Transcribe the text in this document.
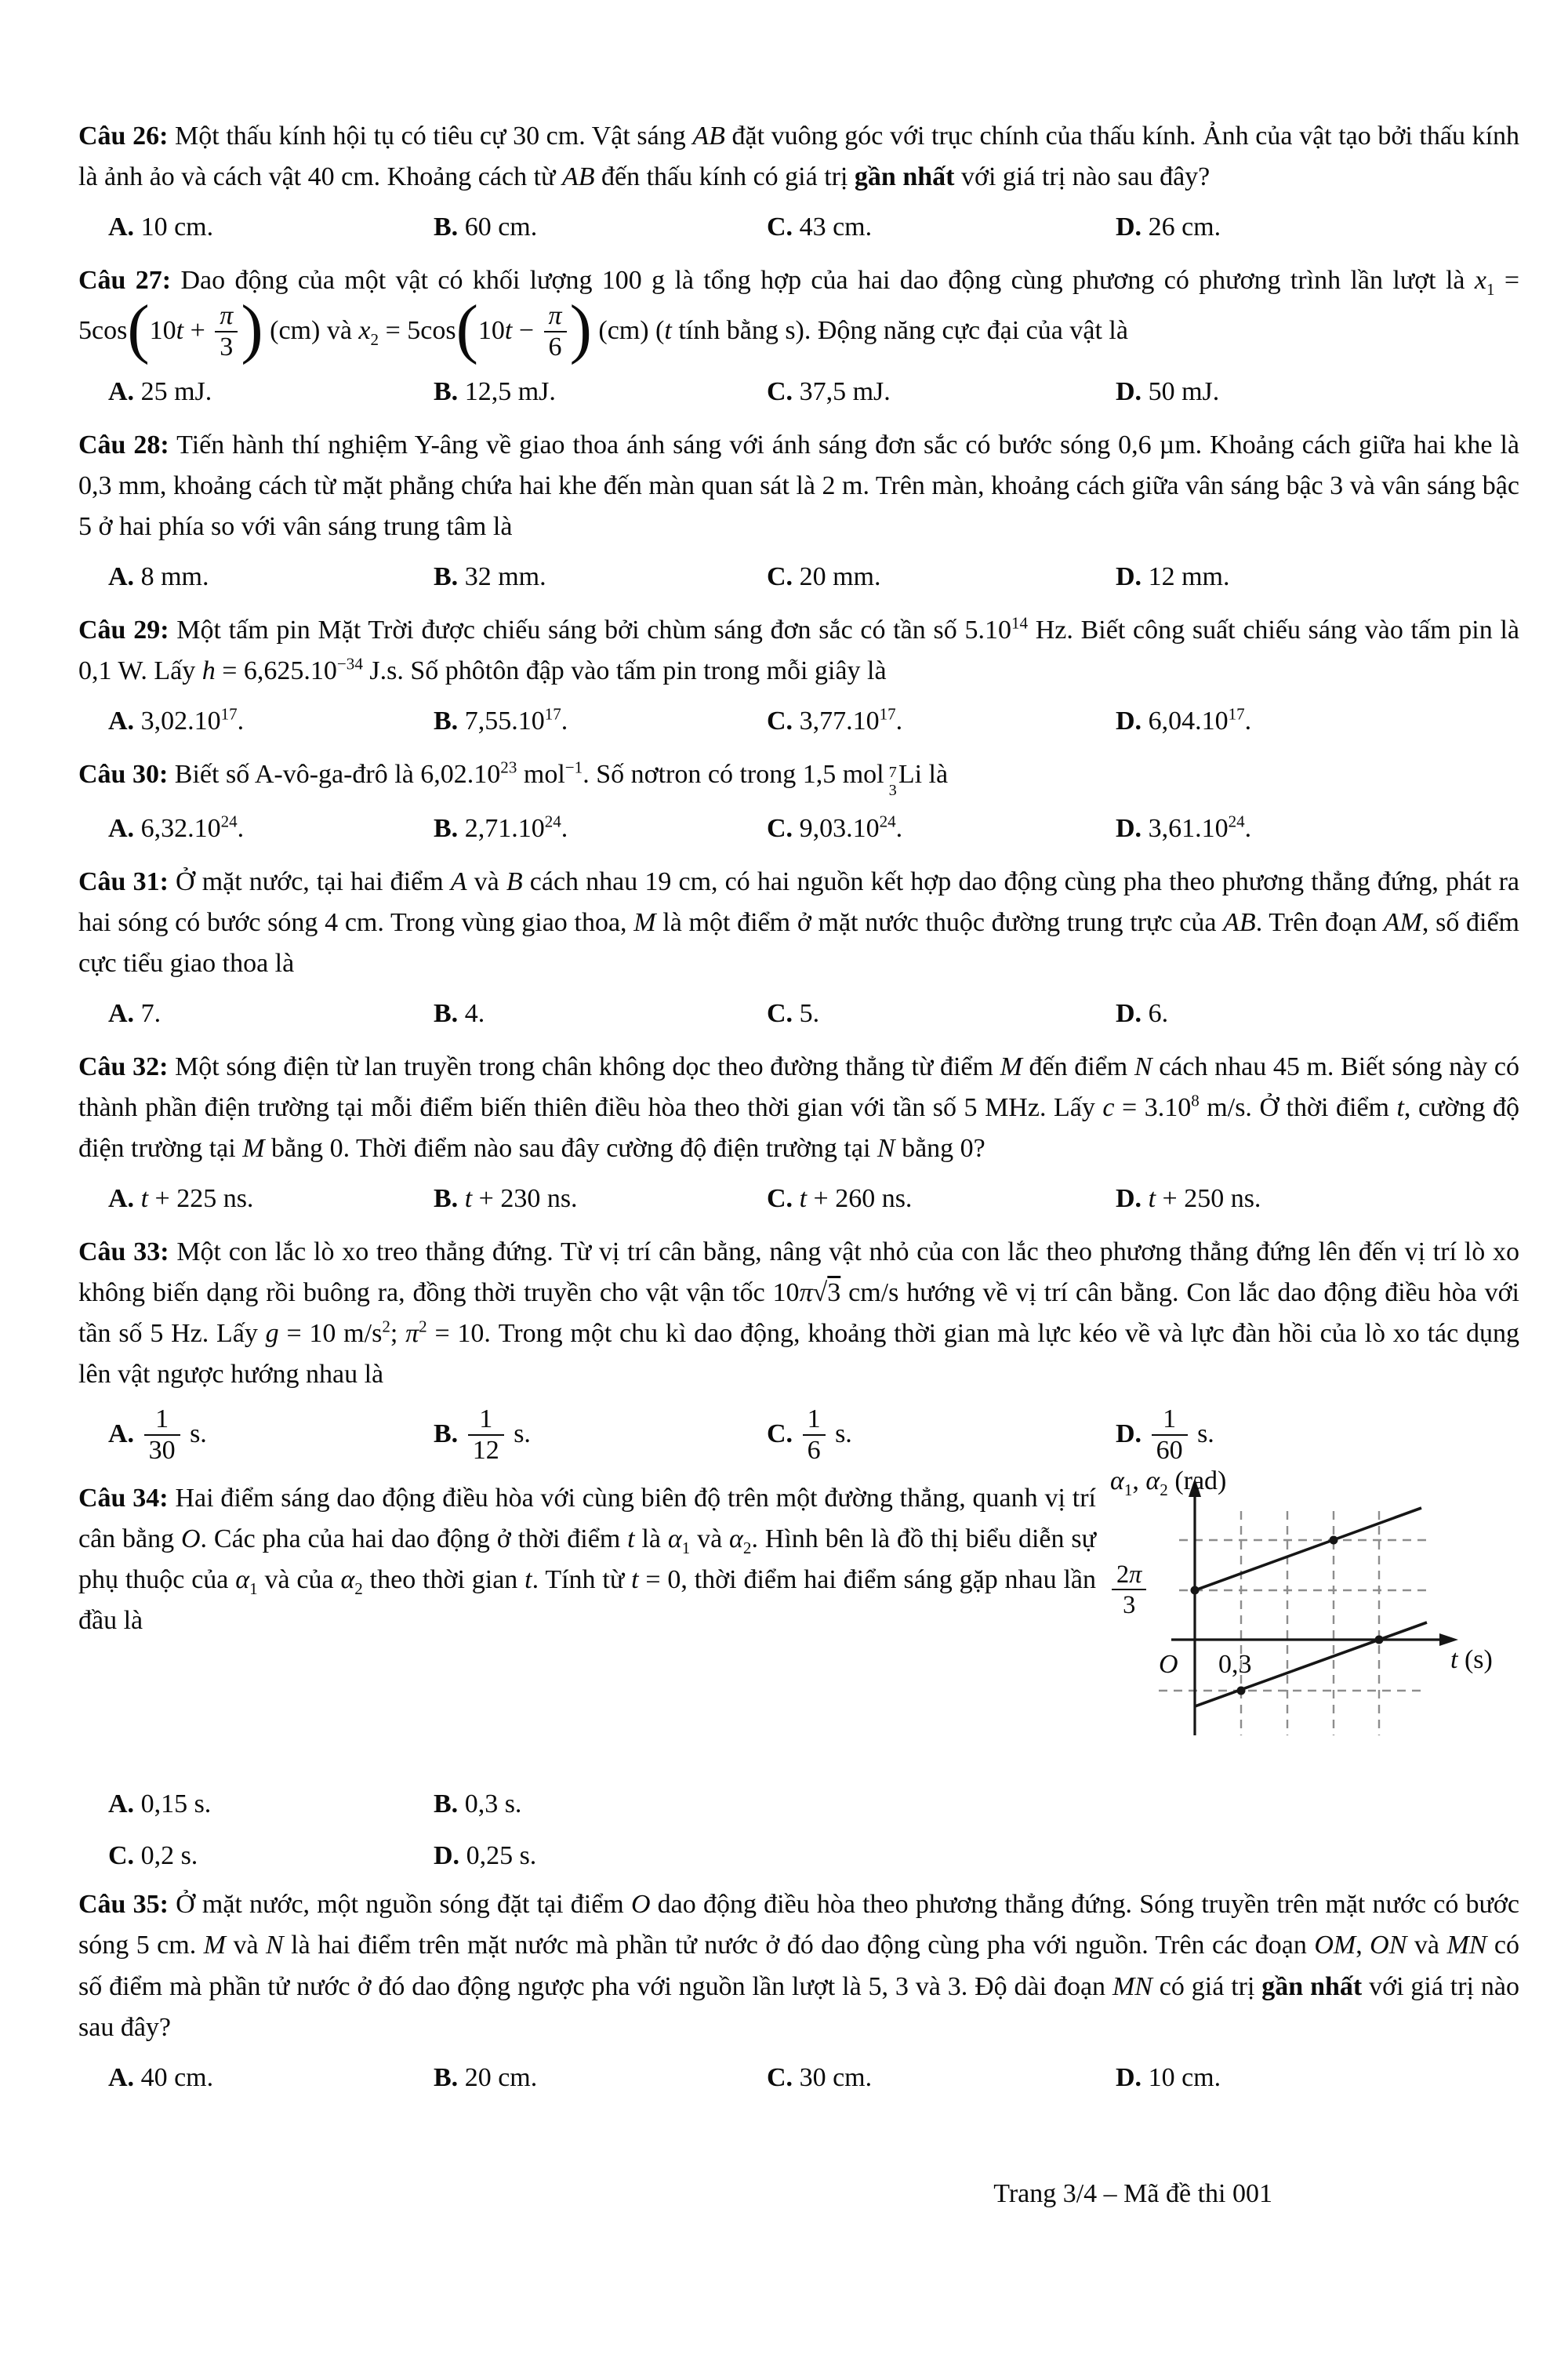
Câu 26: Một thấu kính hội tụ có tiêu cự 30 cm. Vật sáng AB đặt vuông góc với trục chính của thấu kính. Ảnh của vật tạo bởi thấu kính là ảnh ảo và cách vật 40 cm. Khoảng cách từ AB đến thấu kính có giá trị gần nhất với giá trị nào sau đây?

A. 10 cm.	B. 60 cm.	C. 43 cm.	D. 26 cm.

Câu 27: Dao động của một vật có khối lượng 100 g là tổng hợp của hai dao động cùng phương có phương trình lần lượt là $x_1 = 5\cos(10t + \frac{\pi}{3}$ ) (cm) và $x_2 = 5\cos(10t - \frac{\pi}{6}$ ) (cm) (t tính bằng s). Động năng cực đại của vật là

A. 25 mJ.	B. 12,5 mJ.	C. 37,5 mJ.	D. 50 mJ.

Câu 28: Tiến hành thí nghiệm Y-âng về giao thoa ánh sáng với ánh sáng đơn sắc có bước sóng 0,6 µm. Khoảng cách giữa hai khe là 0,3 mm, khoảng cách từ mặt phẳng chứa hai khe đến màn quan sát là 2 m. Trên màn, khoảng cách giữa vân sáng bậc 3 và vân sáng bậc 5 ở hai phía so với vân sáng trung tâm là

A. 8 mm.	B. 32 mm.	C. 20 mm.	D. 12 mm.

Câu 29: Một tấm pin Mặt Trời được chiếu sáng bởi chùm sáng đơn sắc có tần số 5.10$^{14}$ Hz. Biết công suất chiếu sáng vào tấm pin là 0,1 W. Lấy $h = 6,625.10^{-34}$ J.s. Số phôtôn đập vào tấm pin trong mỗi giây là

A. 3,02.10$^{17}$.	B. 7,55.10$^{17}$.	C. 3,77.10$^{17}$.	D. 6,04.10$^{17}$.

Câu 30: Biết số A-vô-ga-đrô là 6,02.10$^{23}$ mol$^{-1}$. Số nơtron có trong 1,5 mol 7
3
Li là

A. 6,32.10$^{24}$.	B. 2,71.10$^{24}$.	C. 9,03.10$^{24}$.	D. 3,61.10$^{24}$.

Câu 31: Ở mặt nước, tại hai điểm A và B cách nhau 19 cm, có hai nguồn kết hợp dao động cùng pha theo phương thẳng đứng, phát ra hai sóng có bước sóng 4 cm. Trong vùng giao thoa, M là một điểm ở mặt nước thuộc đường trung trực của AB. Trên đoạn AM, số điểm cực tiểu giao thoa là

A. 7.	B. 4.	C. 5.	D. 6.

Câu 32: Một sóng điện từ lan truyền trong chân không dọc theo đường thẳng từ điểm M đến điểm N cách nhau 45 m. Biết sóng này có thành phần điện trường tại mỗi điểm biến thiên điều hòa theo thời gian với tần số 5 MHz. Lấy $c = 3.10^8$ m/s. Ở thời điểm t, cường độ điện trường tại M bằng 0. Thời điểm nào sau đây cường độ điện trường tại N bằng 0?

A. t + 225 ns.	B. t + 230 ns.	C. t + 260 ns.	D. t + 250 ns.

Câu 33: Một con lắc lò xo treo thẳng đứng. Từ vị trí cân bằng, nâng vật nhỏ của con lắc theo phương thẳng đứng lên đến vị trí lò xo không biến dạng rồi buông ra, đồng thời truyền cho vật vận tốc 10π√3 cm/s hướng về vị trí cân bằng. Con lắc dao động điều hòa với tần số 5 Hz. Lấy g = 10 $m/s^2$; $\pi^2 = 10$. Trong một chu kì dao động, khoảng thời gian mà lực kéo về và lực đàn hồi của lò xo tác dụng lên vật ngược hướng nhau là

A. $\frac{1}{30} s$.	B. $\frac{1}{12} s$.	C. $\frac{1}{6} s$.	D. $\frac{1}{60} s$.

Câu 34: Hai điểm sáng dao động điều hòa với cùng biên độ trên một đường thẳng, quanh vị trí cân bằng O. Các pha của hai dao động ở thời điểm t là $\alpha_1$ và $\alpha_2$. Hình bên là đồ thị biểu diễn sự phụ thuộc của $\alpha_1$ và của $\alpha_2$ theo thời gian t. Tính từ t = 0, thời điểm hai điểm sáng gặp nhau lần đầu là

$\alpha_1$, $\alpha_2$ (rad)
$\frac{2\pi}{3}$
O 0,3	t (s)
A. 0,15 s.	B. 0,3 s.
C. 0,2 s.	D. 0,25 s.

Câu 35: Ở mặt nước, một nguồn sóng đặt tại điểm O dao động điều hòa theo phương thẳng đứng. Sóng truyền trên mặt nước có bước sóng 5 cm. M và N là hai điểm trên mặt nước mà phần tử nước ở đó dao động cùng pha với nguồn. Trên các đoạn OM, ON và MN có số điểm mà phần tử nước ở đó dao động ngược pha với nguồn lần lượt là 5, 3 và 3. Độ dài đoạn MN có giá trị gần nhất với giá trị nào sau đây?

A. 40 cm.	B. 20 cm.	C. 30 cm.	D. 10 cm.
Trang 3/4 – Mã đề thi 001
